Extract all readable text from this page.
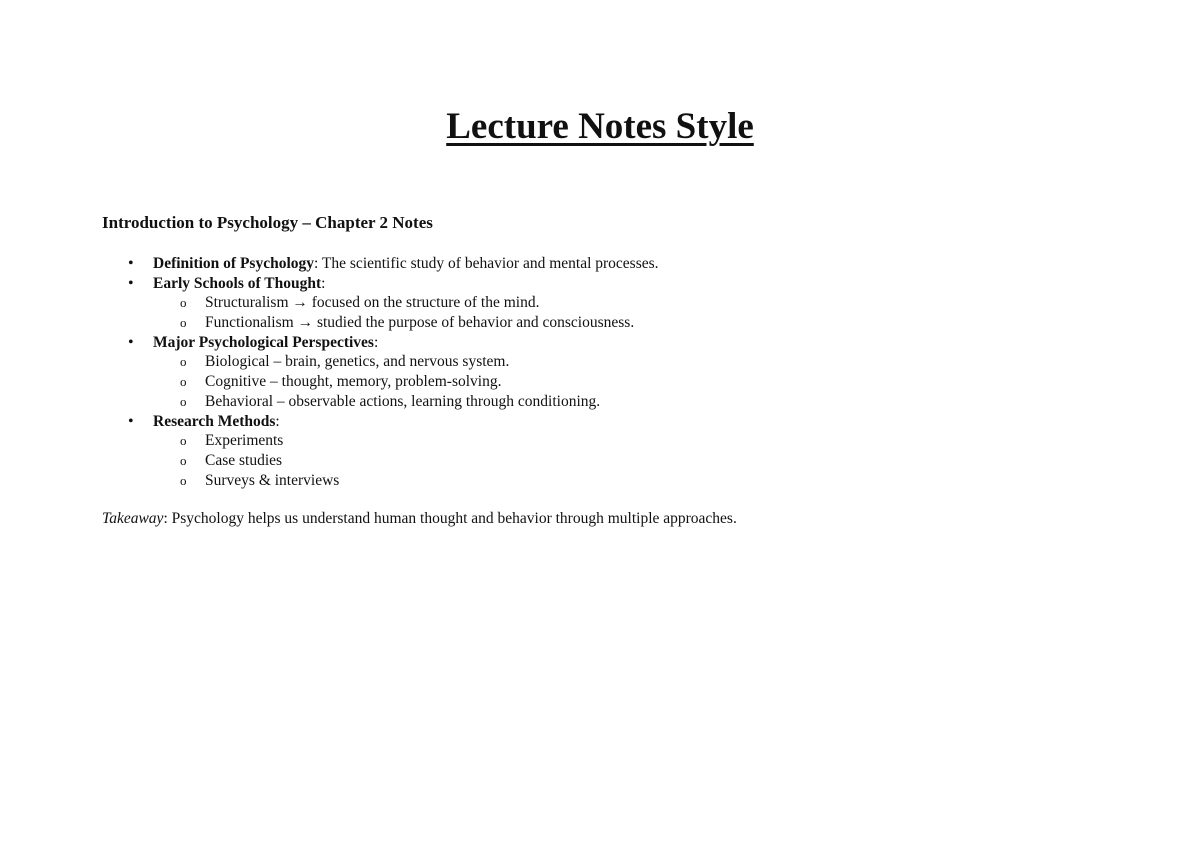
Lecture Notes Style
Introduction to Psychology – Chapter 2 Notes
• Definition of Psychology: The scientific study of behavior and mental processes.
• Early Schools of Thought:
o Structuralism → focused on the structure of the mind.
o Functionalism → studied the purpose of behavior and consciousness.
• Major Psychological Perspectives:
o Biological – brain, genetics, and nervous system.
o Cognitive – thought, memory, problem-solving.
o Behavioral – observable actions, learning through conditioning.
• Research Methods:
o Experiments
o Case studies
o Surveys & interviews

Takeaway: Psychology helps us understand human thought and behavior through multiple approaches.
